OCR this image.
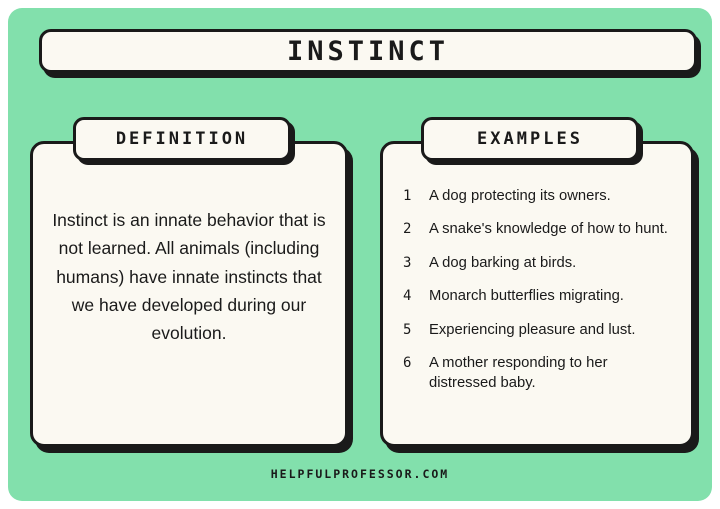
INSTINCT
DEFINITION
Instinct is an innate behavior that is not learned. All animals (including humans) have innate instincts that we have developed during our evolution.
EXAMPLES
1	A dog protecting its owners.
2	A snake's knowledge of how to hunt.
3	A dog barking at birds.
4	Monarch butterflies migrating.
5	Experiencing pleasure and lust.
6	A mother responding to her distressed baby.
HELPFULPROFESSOR.COM
